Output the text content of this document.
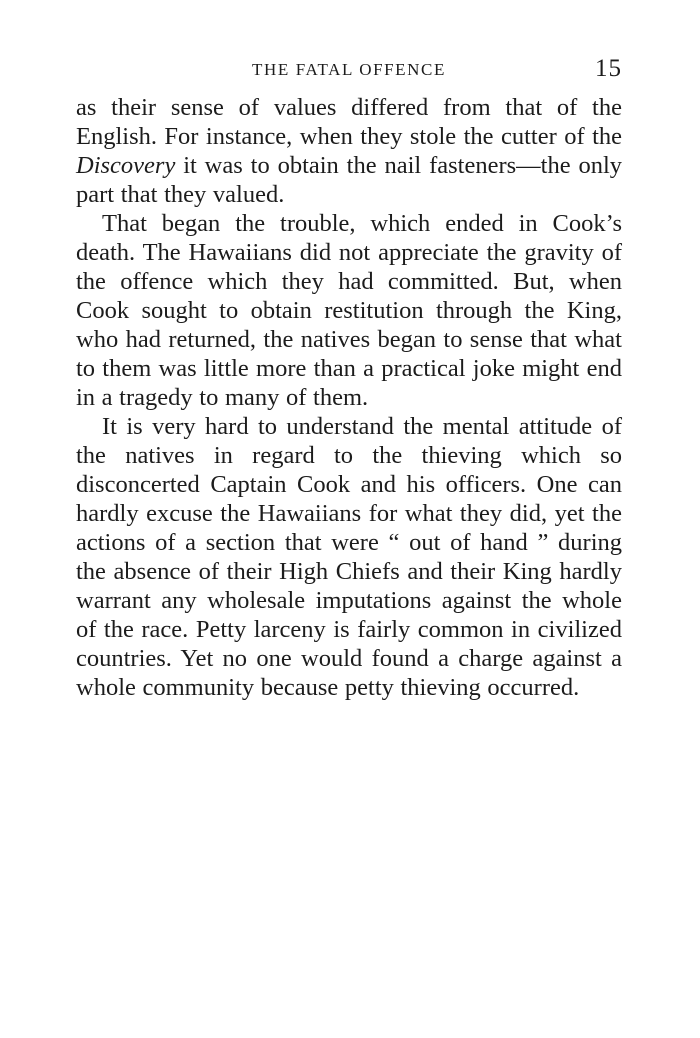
THE FATAL OFFENCE	15

as their sense of values differed from that of the English. For instance, when they stole the cutter of the Discovery it was to obtain the nail fasteners—the only part that they valued.

That began the trouble, which ended in Cook’s death. The Hawaiians did not appreciate the gravity of the offence which they had committed. But, when Cook sought to obtain restitution through the King, who had returned, the natives began to sense that what to them was little more than a practical joke might end in a tragedy to many of them.

It is very hard to understand the mental attitude of the natives in regard to the thieving which so disconcerted Captain Cook and his officers. One can hardly excuse the Hawaiians for what they did, yet the actions of a section that were “ out of hand ” during the absence of their High Chiefs and their King hardly warrant any wholesale imputations against the whole of the race. Petty larceny is fairly common in civilized countries. Yet no one would found a charge against a whole community because petty thieving occurred.
